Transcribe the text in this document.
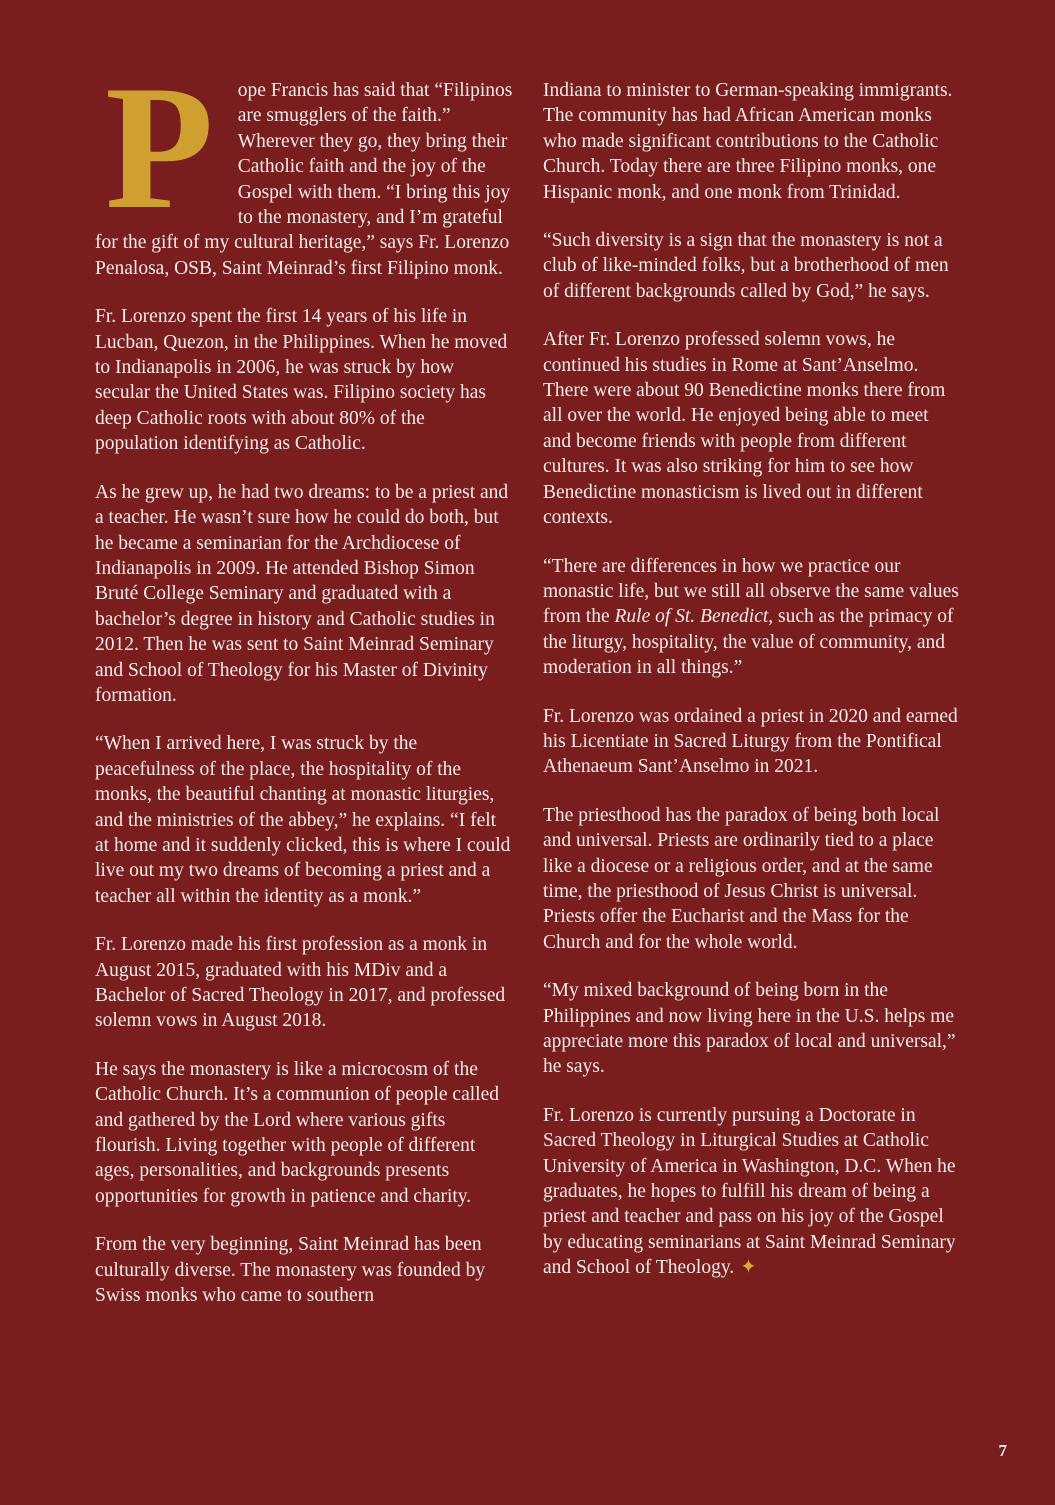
P ope Francis has said that “Filipinos are smugglers of the faith.” Wherever they go, they bring their Catholic faith and the joy of the Gospel with them. “I bring this joy to the monastery, and I’m grateful for the gift of my cultural heritage,” says Fr. Lorenzo Penalosa, OSB, Saint Meinrad’s first Filipino monk.

Fr. Lorenzo spent the first 14 years of his life in Lucban, Quezon, in the Philippines. When he moved to Indianapolis in 2006, he was struck by how secular the United States was. Filipino society has deep Catholic roots with about 80% of the population identifying as Catholic.

As he grew up, he had two dreams: to be a priest and a teacher. He wasn’t sure how he could do both, but he became a seminarian for the Archdiocese of Indianapolis in 2009. He attended Bishop Simon Bruté College Seminary and graduated with a bachelor’s degree in history and Catholic studies in 2012. Then he was sent to Saint Meinrad Seminary and School of Theology for his Master of Divinity formation.

“When I arrived here, I was struck by the peacefulness of the place, the hospitality of the monks, the beautiful chanting at monastic liturgies, and the ministries of the abbey,” he explains. “I felt at home and it suddenly clicked, this is where I could live out my two dreams of becoming a priest and a teacher all within the identity as a monk.”

Fr. Lorenzo made his first profession as a monk in August 2015, graduated with his MDiv and a Bachelor of Sacred Theology in 2017, and professed solemn vows in August 2018.

He says the monastery is like a microcosm of the Catholic Church. It’s a communion of people called and gathered by the Lord where various gifts flourish. Living together with people of different ages, personalities, and backgrounds presents opportunities for growth in patience and charity.

From the very beginning, Saint Meinrad has been culturally diverse. The monastery was founded by Swiss monks who came to southern

Indiana to minister to German-speaking immigrants. The community has had African American monks who made significant contributions to the Catholic Church. Today there are three Filipino monks, one Hispanic monk, and one monk from Trinidad.

“Such diversity is a sign that the monastery is not a club of like-minded folks, but a brotherhood of men of different backgrounds called by God,” he says.

After Fr. Lorenzo professed solemn vows, he continued his studies in Rome at Sant’Anselmo. There were about 90 Benedictine monks there from all over the world. He enjoyed being able to meet and become friends with people from different cultures. It was also striking for him to see how Benedictine monasticism is lived out in different contexts.

“There are differences in how we practice our monastic life, but we still all observe the same values from the Rule of St. Benedict, such as the primacy of the liturgy, hospitality, the value of community, and moderation in all things.”

Fr. Lorenzo was ordained a priest in 2020 and earned his Licentiate in Sacred Liturgy from the Pontifical Athenaeum Sant’Anselmo in 2021.

The priesthood has the paradox of being both local and universal. Priests are ordinarily tied to a place like a diocese or a religious order, and at the same time, the priesthood of Jesus Christ is universal. Priests offer the Eucharist and the Mass for the Church and for the whole world.

“My mixed background of being born in the Philippines and now living here in the U.S. helps me appreciate more this paradox of local and universal,” he says.

Fr. Lorenzo is currently pursuing a Doctorate in Sacred Theology in Liturgical Studies at Catholic University of America in Washington, D.C. When he graduates, he hopes to fulfill his dream of being a priest and teacher and pass on his joy of the Gospel by educating seminarians at Saint Meinrad Seminary and School of Theology. ✦

7
